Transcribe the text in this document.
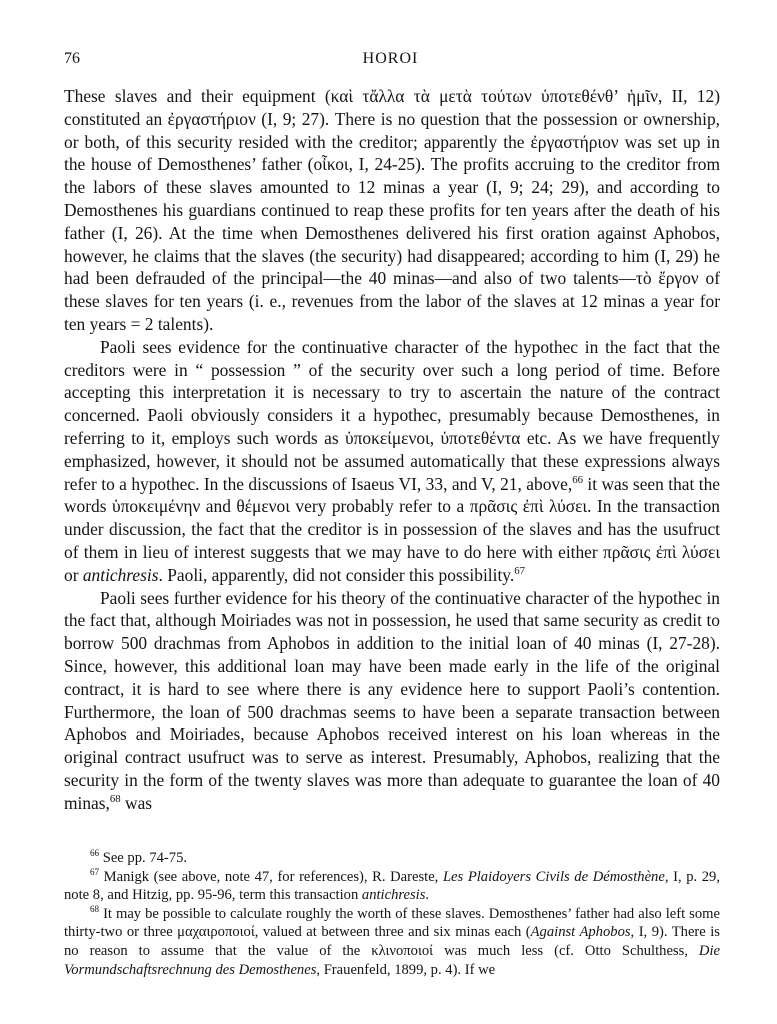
76	HOROI

These slaves and their equipment (καὶ τἄλλα τὰ μετὰ τούτων ὑποτεθένθ’ ἡμῖν, II, 12) constituted an ἐργαστήριον (I, 9; 27). There is no question that the possession or ownership, or both, of this security resided with the creditor; apparently the ἐργαστήριον was set up in the house of Demosthenes’ father (οἶκοι, I, 24-25). The profits accruing to the creditor from the labors of these slaves amounted to 12 minas a year (I, 9; 24; 29), and according to Demosthenes his guardians continued to reap these profits for ten years after the death of his father (I, 26). At the time when Demosthenes delivered his first oration against Aphobos, however, he claims that the slaves (the security) had disappeared; according to him (I, 29) he had been defrauded of the principal—the 40 minas—and also of two talents—τὸ ἔργον of these slaves for ten years (i. e., revenues from the labor of the slaves at 12 minas a year for ten years = 2 talents).

Paoli sees evidence for the continuative character of the hypothec in the fact that the creditors were in “ possession ” of the security over such a long period of time. Before accepting this interpretation it is necessary to try to ascertain the nature of the contract concerned. Paoli obviously considers it a hypothec, presumably because Demosthenes, in referring to it, employs such words as ὑποκείμενοι, ὑποτεθέντα etc. As we have frequently emphasized, however, it should not be assumed automatically that these expressions always refer to a hypothec. In the discussions of Isaeus VI, 33, and V, 21, above,$^{66}$ it was seen that the words ὑποκειμένην and θέμενοι very probably refer to a πρᾶσις ἐπὶ λύσει. In the transaction under discussion, the fact that the creditor is in possession of the slaves and has the usufruct of them in lieu of interest suggests that we may have to do here with either πρᾶσις ἐπὶ λύσει or antichresis. Paoli, apparently, did not consider this possibility.$^{67}$

Paoli sees further evidence for his theory of the continuative character of the hypothec in the fact that, although Moiriades was not in possession, he used that same security as credit to borrow 500 drachmas from Aphobos in addition to the initial loan of 40 minas (I, 27-28). Since, however, this additional loan may have been made early in the life of the original contract, it is hard to see where there is any evidence here to support Paoli’s contention. Furthermore, the loan of 500 drachmas seems to have been a separate transaction between Aphobos and Moiriades, because Aphobos received interest on his loan whereas in the original contract usufruct was to serve as interest. Presumably, Aphobos, realizing that the security in the form of the twenty slaves was more than adequate to guarantee the loan of 40 minas,$^{68}$ was

$^{66}$ See pp. 74-75.

$^{67}$ Manigk (see above, note 47, for references), R. Dareste, Les Plaidoyers Civils de Démosthène, I, p. 29, note 8, and Hitzig, pp. 95-96, term this transaction antichresis.

$^{68}$ It may be possible to calculate roughly the worth of these slaves. Demosthenes’ father had also left some thirty-two or three μαχαιροποιοί, valued at between three and six minas each (Against Aphobos, I, 9). There is no reason to assume that the value of the κλινοποιοί was much less (cf. Otto Schulthess, Die Vormundschaftsrechnung des Demosthenes, Frauenfeld, 1899, p. 4). If we
